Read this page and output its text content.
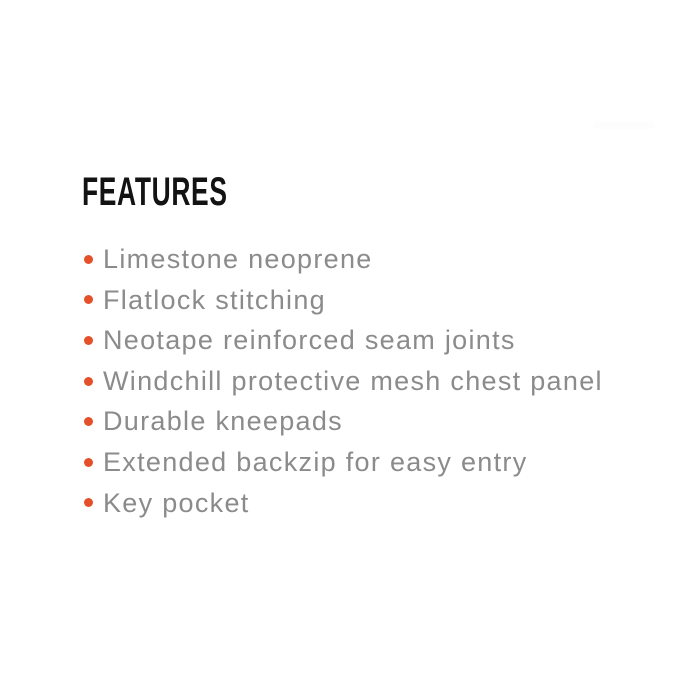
FEATURES
Limestone neoprene
Flatlock stitching
Neotape reinforced seam joints
Windchill protective mesh chest panel
Durable kneepads
Extended backzip for easy entry
Key pocket
